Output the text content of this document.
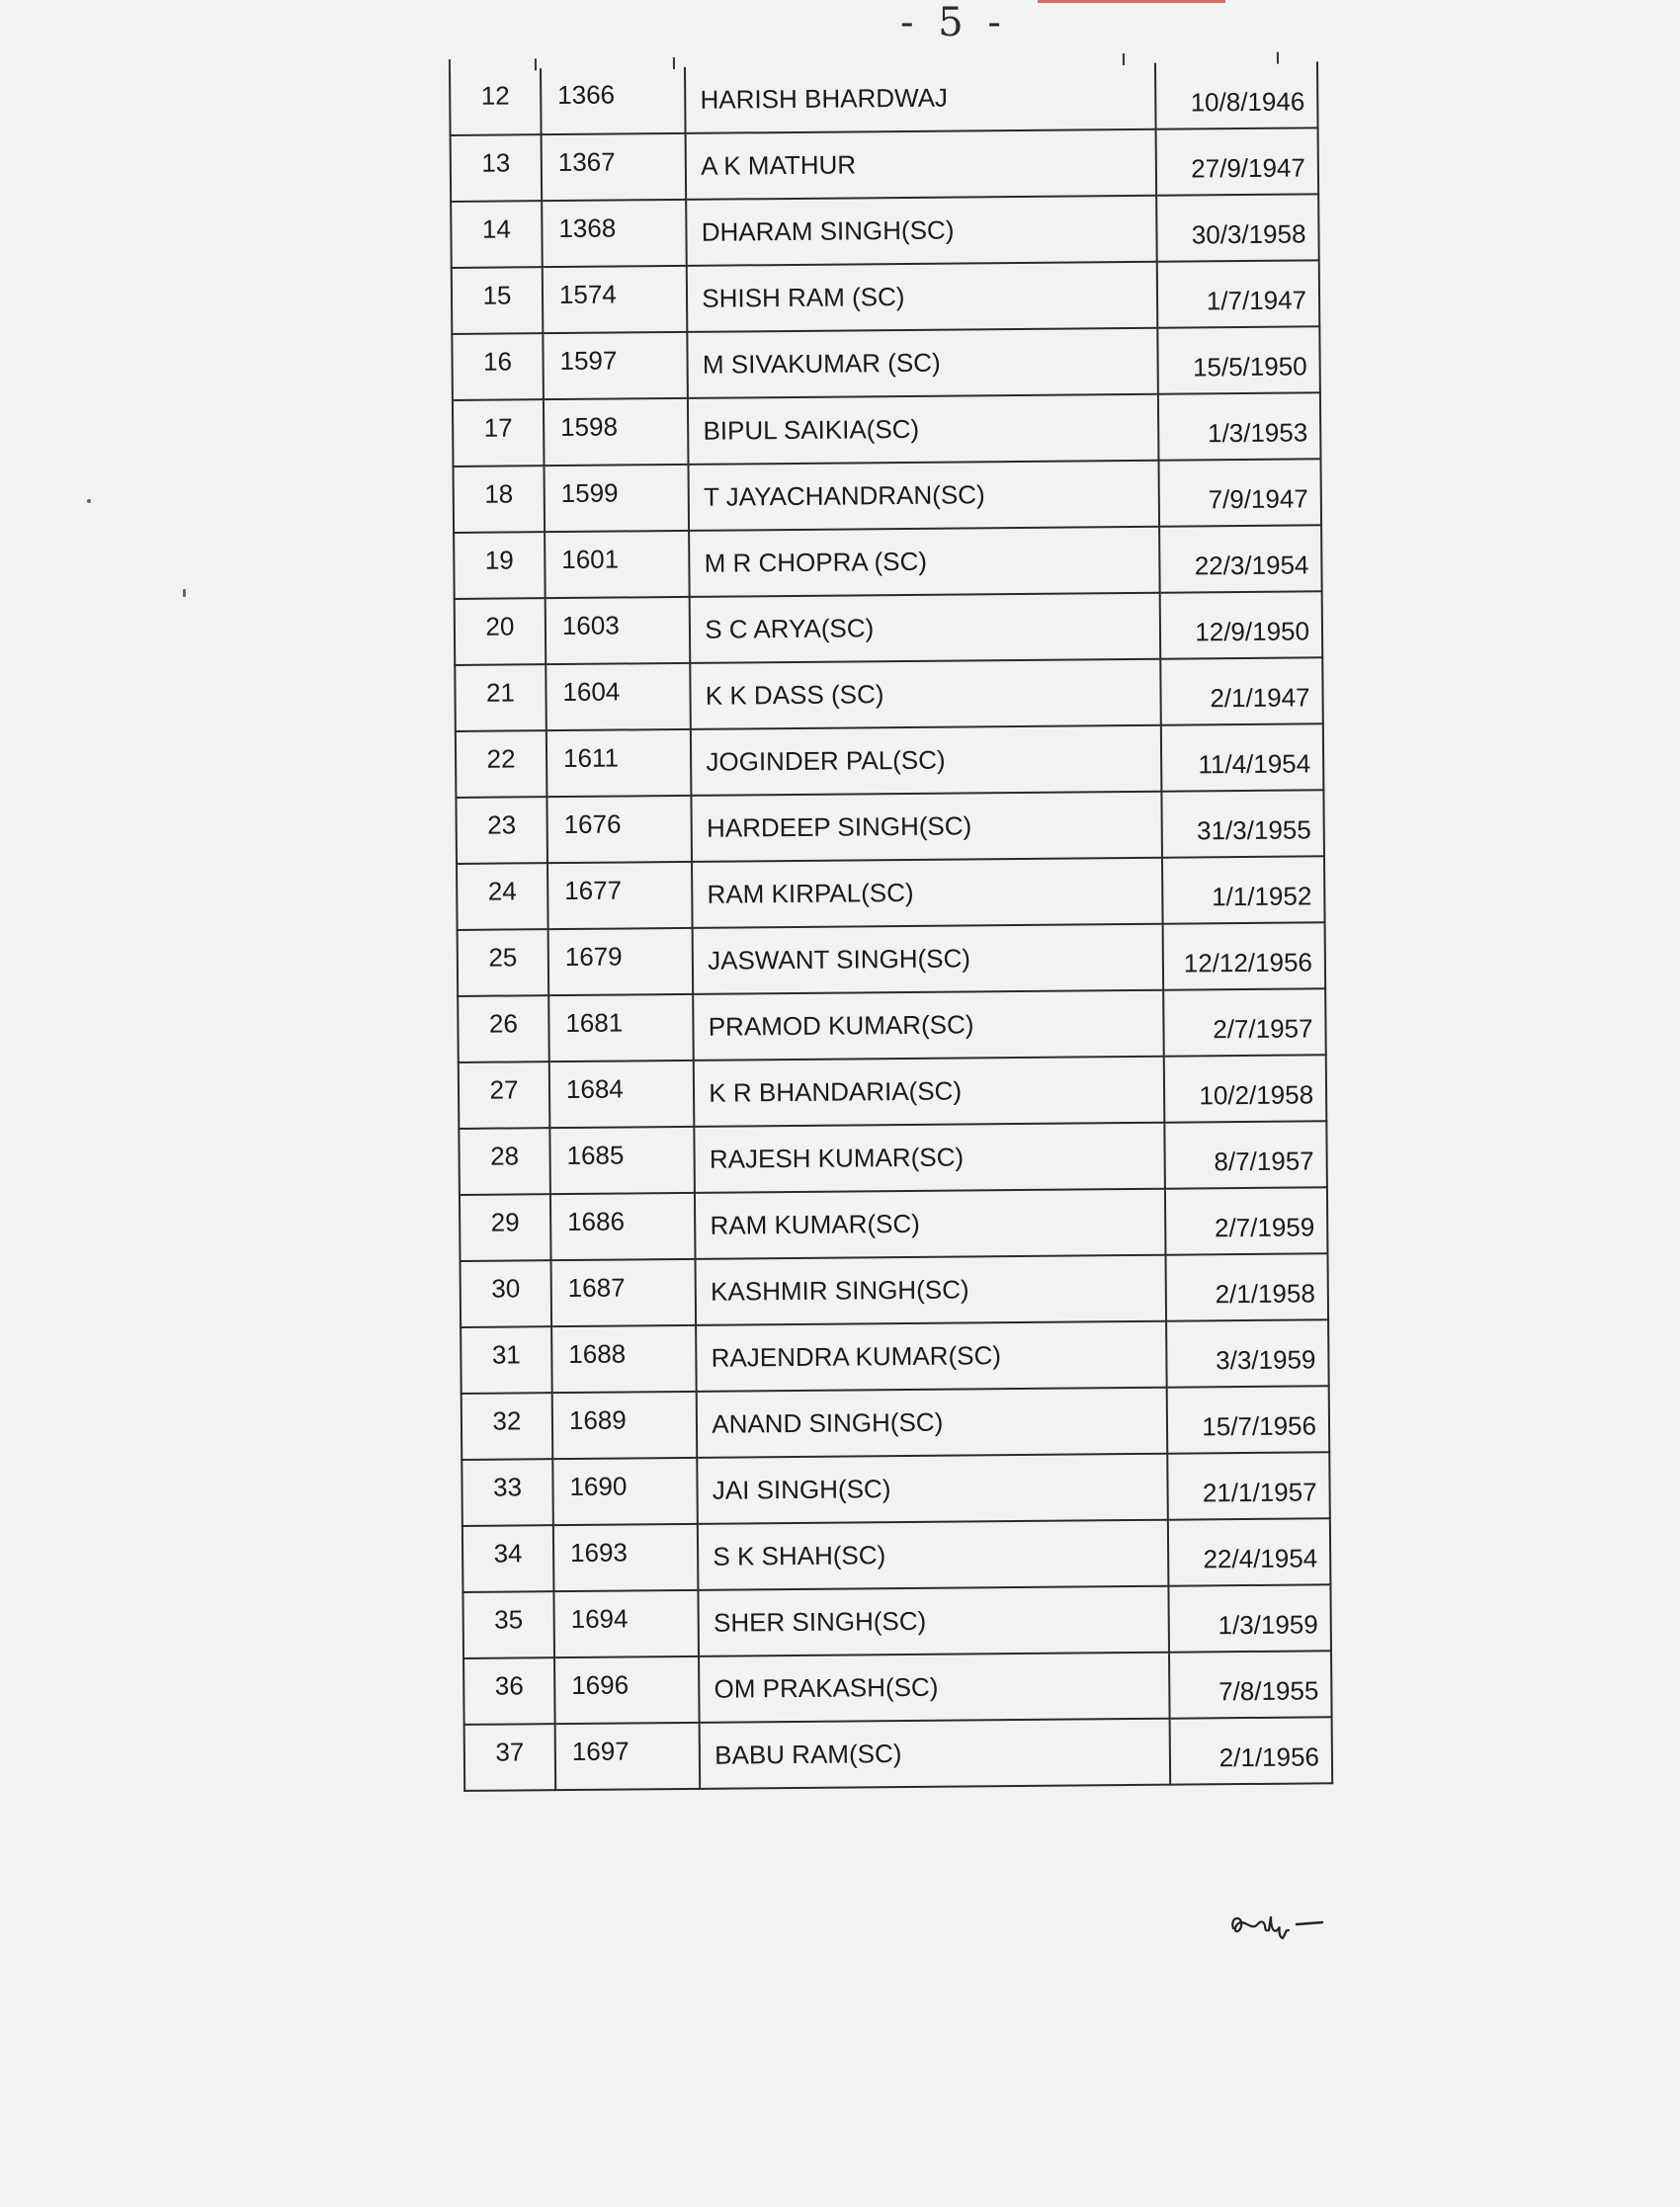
- 5 -
12	1366	HARISH BHARDWAJ	10/8/1946
13	1367	A K MATHUR	27/9/1947
14	1368	DHARAM SINGH(SC)	30/3/1958
15	1574	SHISH RAM (SC)	1/7/1947
16	1597	M SIVAKUMAR (SC)	15/5/1950
17	1598	BIPUL SAIKIA(SC)	1/3/1953
18	1599	T JAYACHANDRAN(SC)	7/9/1947
19	1601	M R CHOPRA (SC)	22/3/1954
20	1603	S C ARYA(SC)	12/9/1950
21	1604	K K DASS (SC)	2/1/1947
22	1611	JOGINDER PAL(SC)	11/4/1954
23	1676	HARDEEP SINGH(SC)	31/3/1955
24	1677	RAM KIRPAL(SC)	1/1/1952
25	1679	JASWANT SINGH(SC)	12/12/1956
26	1681	PRAMOD KUMAR(SC)	2/7/1957
27	1684	K R BHANDARIA(SC)	10/2/1958
28	1685	RAJESH KUMAR(SC)	8/7/1957
29	1686	RAM KUMAR(SC)	2/7/1959
30	1687	KASHMIR SINGH(SC)	2/1/1958
31	1688	RAJENDRA KUMAR(SC)	3/3/1959
32	1689	ANAND SINGH(SC)	15/7/1956
33	1690	JAI SINGH(SC)	21/1/1957
34	1693	S K SHAH(SC)	22/4/1954
35	1694	SHER SINGH(SC)	1/3/1959
36	1696	OM PRAKASH(SC)	7/8/1955
37	1697	BABU RAM(SC)	2/1/1956
